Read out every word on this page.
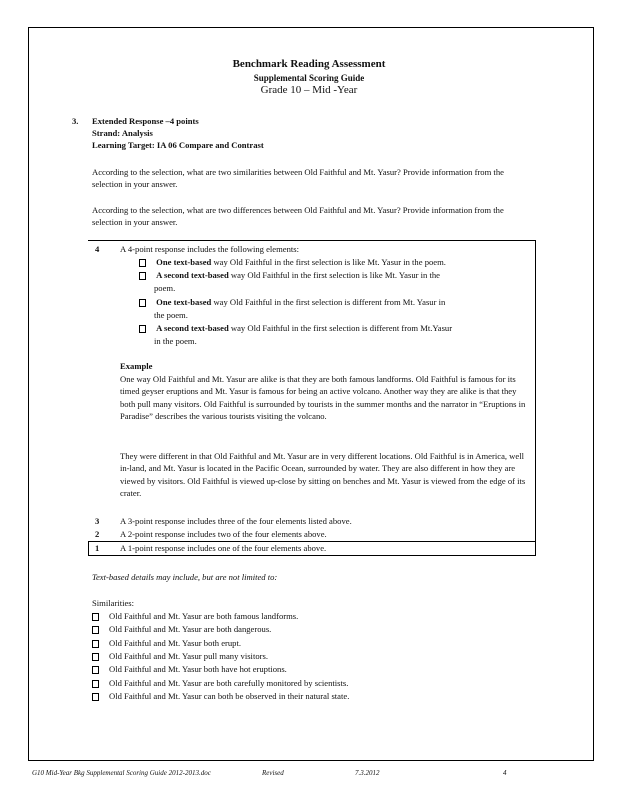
Benchmark Reading Assessment
Supplemental Scoring Guide
Grade 10 – Mid -Year
3. Extended Response –4 points
Strand: Analysis
Learning Target: IA 06 Compare and Contrast
According to the selection, what are two similarities between Old Faithful and Mt. Yasur? Provide information from the selection in your answer.
According to the selection, what are two differences between Old Faithful and Mt. Yasur? Provide information from the selection in your answer.
4 A 4-point response includes the following elements:
One text-based way Old Faithful in the first selection is like Mt. Yasur in the poem.
A second text-based way Old Faithful in the first selection is like Mt. Yasur in the
poem.
One text-based way Old Faithful in the first selection is different from Mt. Yasur in
the poem.
A second text-based way Old Faithful in the first selection is different from Mt.Yasur
in the poem.
Example
One way Old Faithful and Mt. Yasur are alike is that they are both famous landforms. Old Faithful is famous for its timed geyser eruptions and Mt. Yasur is famous for being an active volcano. Another way they are alike is that they both pull many visitors. Old Faithful is surrounded by tourists in the summer months and the narrator in “Eruptions in Paradise” describes the various tourists visiting the volcano.
They were different in that Old Faithful and Mt. Yasur are in very different locations. Old Faithful is in America, well in-land, and Mt. Yasur is located in the Pacific Ocean, surrounded by water. They are also different in how they are viewed by visitors. Old Faithful is viewed up-close by sitting on benches and Mt. Yasur is viewed from the edge of its crater.
3 A 3-point response includes three of the four elements listed above.
2 A 2-point response includes two of the four elements above.
1 A 1-point response includes one of the four elements above.
Text-based details may include, but are not limited to:
Similarities:
Old Faithful and Mt. Yasur are both famous landforms.
Old Faithful and Mt. Yasur are both dangerous.
Old Faithful and Mt. Yasur both erupt.
Old Faithful and Mt. Yasur pull many visitors.
Old Faithful and Mt. Yasur both have hot eruptions.
Old Faithful and Mt. Yasur are both carefully monitored by scientists.
Old Faithful and Mt. Yasur can both be observed in their natural state.
G10 Mid-Year Bkg Supplemental Scoring Guide 2012-2013.doc	Revised	7.3.2012	4
